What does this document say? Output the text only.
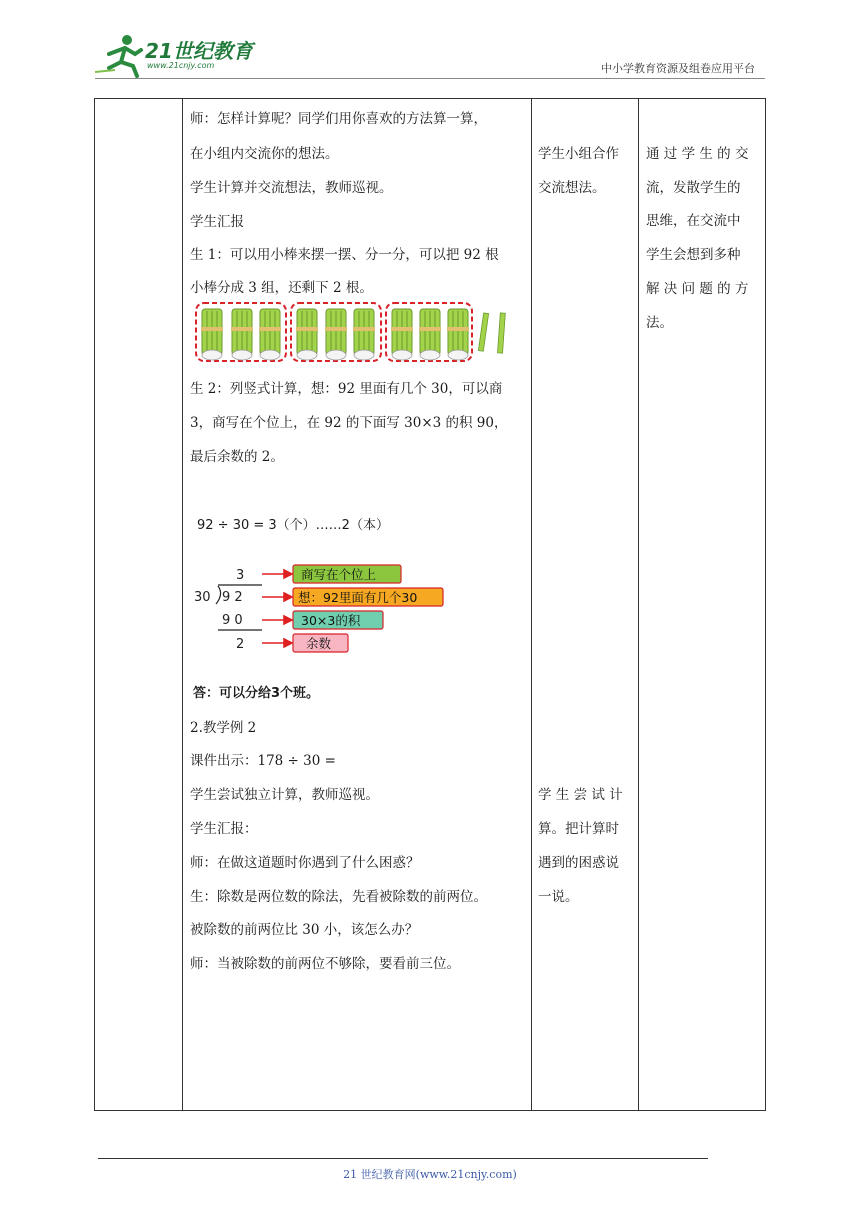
21世纪教育
www.21cnjy.com	中小学教育资源及组卷应用平台
师：怎样计算呢？同学们用你喜欢的方法算一算，
在小组内交流你的想法。
学生计算并交流想法，教师巡视。
学生汇报
生 1：可以用小棒来摆一摆、分一分，可以把 92 根
小棒分成 3 组，还剩下 2 根。
生 2：列竖式计算，想：92 里面有几个 30，可以商
3，商写在个位上，在 92 的下面写 30×3 的积 90，
最后余数的 2。
92 ÷ 30 = 3（个）……2（本）
3
30 9 2
9 0
2
商写在个位上
想：92里面有几个30
30×3的积
余数
答：可以分给3个班。
2.教学例 2
课件出示：178 ÷ 30 =
学生尝试独立计算，教师巡视。
学生汇报：
师：在做这道题时你遇到了什么困惑？
生：除数是两位数的除法，先看被除数的前两位。
被除数的前两位比 30 小，该怎么办？
师：当被除数的前两位不够除，要看前三位。
学生小组合作
交流想法。
学 生 尝 试 计
算。把计算时
遇到的困惑说
一说。
通 过 学 生 的 交
流，发散学生的
思维，在交流中
学生会想到多种
解 决 问 题 的 方
法。
21 世纪教育网(www.21cnjy.com)
